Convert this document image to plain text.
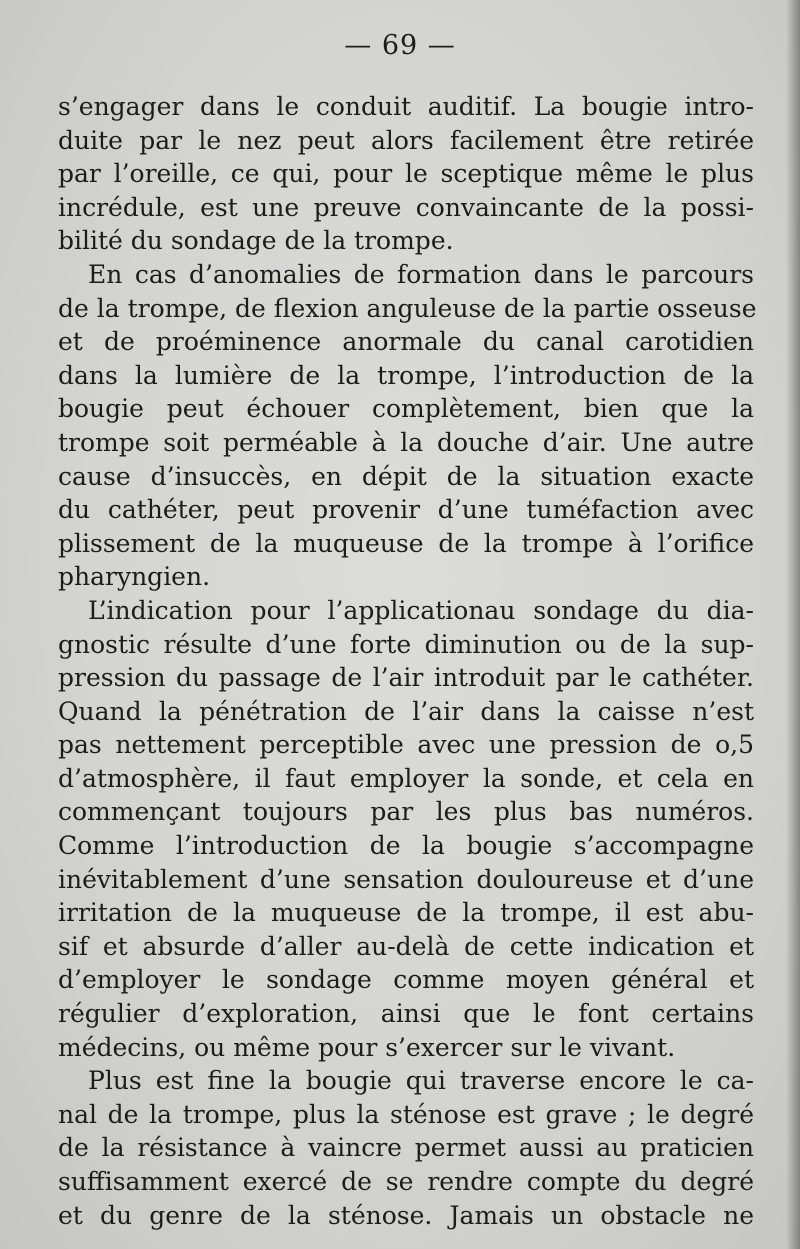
— 69 —
s’engager dans le conduit auditif. La bougie intro-
duite par le nez peut alors facilement être retirée
par l’oreille, ce qui, pour le sceptique même le plus
incrédule, est une preuve convaincante de la possi-
bilité du sondage de la trompe.
En cas d’anomalies de formation dans le parcours
de la trompe, de flexion anguleuse de la partie osseuse
et de proéminence anormale du canal carotidien
dans la lumière de la trompe, l’introduction de la
bougie peut échouer complètement, bien que la
trompe soit perméable à la douche d’air. Une autre
cause d’insuccès, en dépit de la situation exacte
du cathéter, peut provenir d’une tuméfaction avec
plissement de la muqueuse de la trompe à l’orifice
pharyngien.
L’indication pour l’applicationau sondage du dia-
gnostic résulte d’une forte diminution ou de la sup-
pression du passage de l’air introduit par le cathéter.
Quand la pénétration de l’air dans la caisse n’est
pas nettement perceptible avec une pression de o,5
d’atmosphère, il faut employer la sonde, et cela en
commençant toujours par les plus bas numéros.
Comme l’introduction de la bougie s’accompagne
inévitablement d’une sensation douloureuse et d’une
irritation de la muqueuse de la trompe, il est abu-
sif et absurde d’aller au-delà de cette indication et
d’employer le sondage comme moyen général et
régulier d’exploration, ainsi que le font certains
médecins, ou même pour s’exercer sur le vivant.
Plus est fine la bougie qui traverse encore le ca-
nal de la trompe, plus la sténose est grave ; le degré
de la résistance à vaincre permet aussi au praticien
suffisamment exercé de se rendre compte du degré
et du genre de la sténose. Jamais un obstacle ne
